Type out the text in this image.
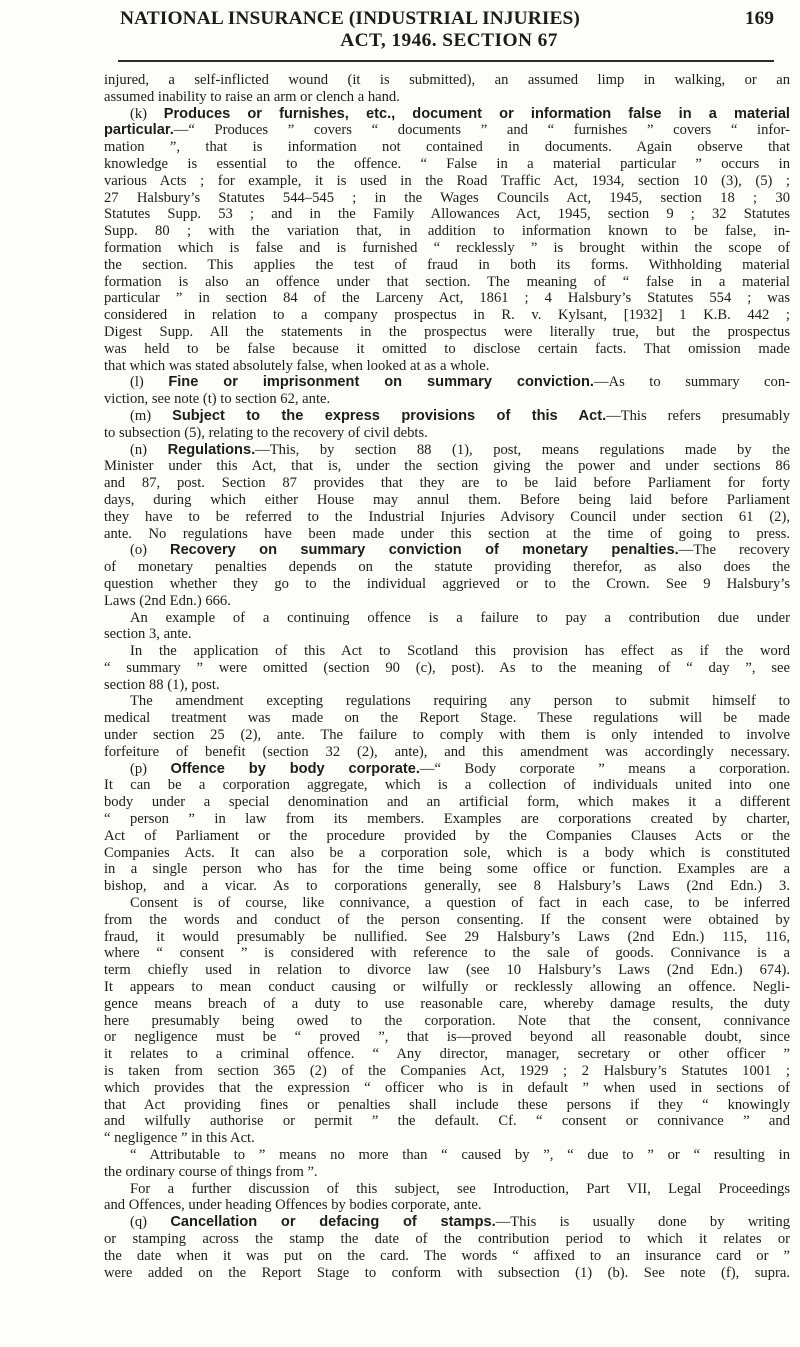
NATIONAL INSURANCE (INDUSTRIAL INJURIES)	169
ACT, 1946. SECTION 67
injured, a self-inflicted wound (it is submitted), an assumed limp in walking, or an
assumed inability to raise an arm or clench a hand.
(k) Produces or furnishes, etc., document or information false in a material
particular.—“ Produces ” covers “ documents ” and “ furnishes ” covers “ infor-
mation ”, that is information not contained in documents. Again observe that
knowledge is essential to the offence. “ False in a material particular ” occurs in
various Acts ; for example, it is used in the Road Traffic Act, 1934, section 10 (3), (5) ;
27 Halsbury’s Statutes 544–545 ; in the Wages Councils Act, 1945, section 18 ; 30
Statutes Supp. 53 ; and in the Family Allowances Act, 1945, section 9 ; 32 Statutes
Supp. 80 ; with the variation that, in addition to information known to be false, in-
formation which is false and is furnished “ recklessly ” is brought within the scope of
the section. This applies the test of fraud in both its forms. Withholding material
formation is also an offence under that section. The meaning of “ false in a material
particular ” in section 84 of the Larceny Act, 1861 ; 4 Halsbury’s Statutes 554 ; was
considered in relation to a company prospectus in R. v. Kylsant, [1932] 1 K.B. 442 ;
Digest Supp. All the statements in the prospectus were literally true, but the prospectus
was held to be false because it omitted to disclose certain facts. That omission made
that which was stated absolutely false, when looked at as a whole.
(l) Fine or imprisonment on summary conviction.—As to summary con-
viction, see note (t) to section 62, ante.
(m) Subject to the express provisions of this Act.—This refers presumably
to subsection (5), relating to the recovery of civil debts.
(n) Regulations.—This, by section 88 (1), post, means regulations made by the
Minister under this Act, that is, under the section giving the power and under sections 86
and 87, post. Section 87 provides that they are to be laid before Parliament for forty
days, during which either House may annul them. Before being laid before Parliament
they have to be referred to the Industrial Injuries Advisory Council under section 61 (2),
ante. No regulations have been made under this section at the time of going to press.
(o) Recovery on summary conviction of monetary penalties.—The recovery
of monetary penalties depends on the statute providing therefor, as also does the
question whether they go to the individual aggrieved or to the Crown. See 9 Halsbury’s
Laws (2nd Edn.) 666.
An example of a continuing offence is a failure to pay a contribution due under
section 3, ante.
In the application of this Act to Scotland this provision has effect as if the word
“ summary ” were omitted (section 90 (c), post). As to the meaning of “ day ”, see
section 88 (1), post.
The amendment excepting regulations requiring any person to submit himself to
medical treatment was made on the Report Stage. These regulations will be made
under section 25 (2), ante. The failure to comply with them is only intended to involve
forfeiture of benefit (section 32 (2), ante), and this amendment was accordingly necessary.
(p) Offence by body corporate.—“ Body corporate ” means a corporation.
It can be a corporation aggregate, which is a collection of individuals united into one
body under a special denomination and an artificial form, which makes it a different
“ person ” in law from its members. Examples are corporations created by charter,
Act of Parliament or the procedure provided by the Companies Clauses Acts or the
Companies Acts. It can also be a corporation sole, which is a body which is constituted
in a single person who has for the time being some office or function. Examples are a
bishop, and a vicar. As to corporations generally, see 8 Halsbury’s Laws (2nd Edn.) 3.
Consent is of course, like connivance, a question of fact in each case, to be inferred
from the words and conduct of the person consenting. If the consent were obtained by
fraud, it would presumably be nullified. See 29 Halsbury’s Laws (2nd Edn.) 115, 116,
where “ consent ” is considered with reference to the sale of goods. Connivance is a
term chiefly used in relation to divorce law (see 10 Halsbury’s Laws (2nd Edn.) 674).
It appears to mean conduct causing or wilfully or recklessly allowing an offence. Negli-
gence means breach of a duty to use reasonable care, whereby damage results, the duty
here presumably being owed to the corporation. Note that the consent, connivance
or negligence must be “ proved ”, that is—proved beyond all reasonable doubt, since
it relates to a criminal offence. “ Any director, manager, secretary or other officer ”
is taken from section 365 (2) of the Companies Act, 1929 ; 2 Halsbury’s Statutes 1001 ;
which provides that the expression “ officer who is in default ” when used in sections of
that Act providing fines or penalties shall include these persons if they “ knowingly
and wilfully authorise or permit ” the default. Cf. “ consent or connivance ” and
“ negligence ” in this Act.
“ Attributable to ” means no more than “ caused by ”, “ due to ” or “ resulting in
the ordinary course of things from ”.
For a further discussion of this subject, see Introduction, Part VII, Legal Proceedings
and Offences, under heading Offences by bodies corporate, ante.
(q) Cancellation or defacing of stamps.—This is usually done by writing
or stamping across the stamp the date of the contribution period to which it relates or
the date when it was put on the card. The words “ affixed to an insurance card or ”
were added on the Report Stage to conform with subsection (1) (b). See note (f), supra.
